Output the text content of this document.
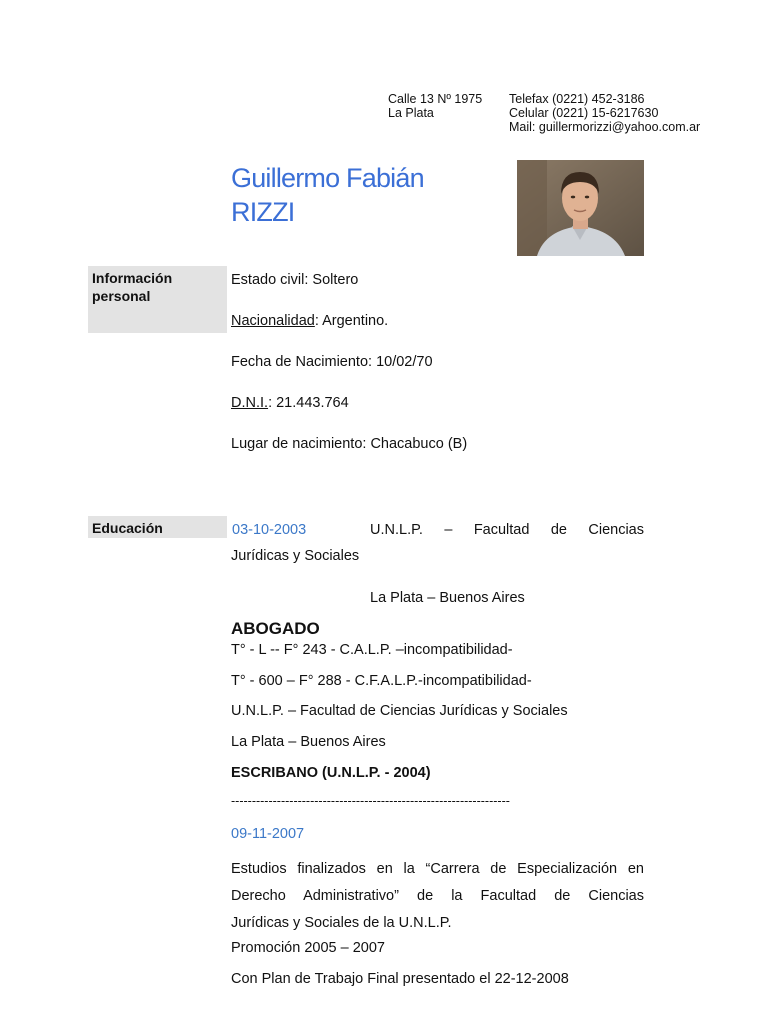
Calle 13 Nº 1975
La Plata
Telefax (0221) 452-3186
Celular (0221) 15-6217630
Mail: guillermorizzi@yahoo.com.ar
Guillermo Fabián
RIZZI
Información personal
Estado civil: Soltero
Nacionalidad: Argentino.
Fecha de Nacimiento: 10/02/70
D.N.I.: 21.443.764
Lugar de nacimiento: Chacabuco (B)
Educación	03-10-2003	U.N.L.P. – Facultad de Ciencias
Jurídicas y Sociales
La Plata – Buenos Aires
ABOGADO
T° - L -- F° 243 - C.A.L.P. –incompatibilidad-
T° - 600 – F° 288 - C.F.A.L.P.-incompatibilidad-
U.N.L.P. – Facultad de Ciencias Jurídicas y Sociales
La Plata – Buenos Aires
ESCRIBANO (U.N.L.P. - 2004)
-------------------------------------------------------------------
09-11-2007
Estudios finalizados en la “Carrera de Especialización en
Derecho Administrativo” de la Facultad de Ciencias
Jurídicas y Sociales de la U.N.L.P.
Promoción 2005 – 2007
Con Plan de Trabajo Final presentado el 22-12-2008
